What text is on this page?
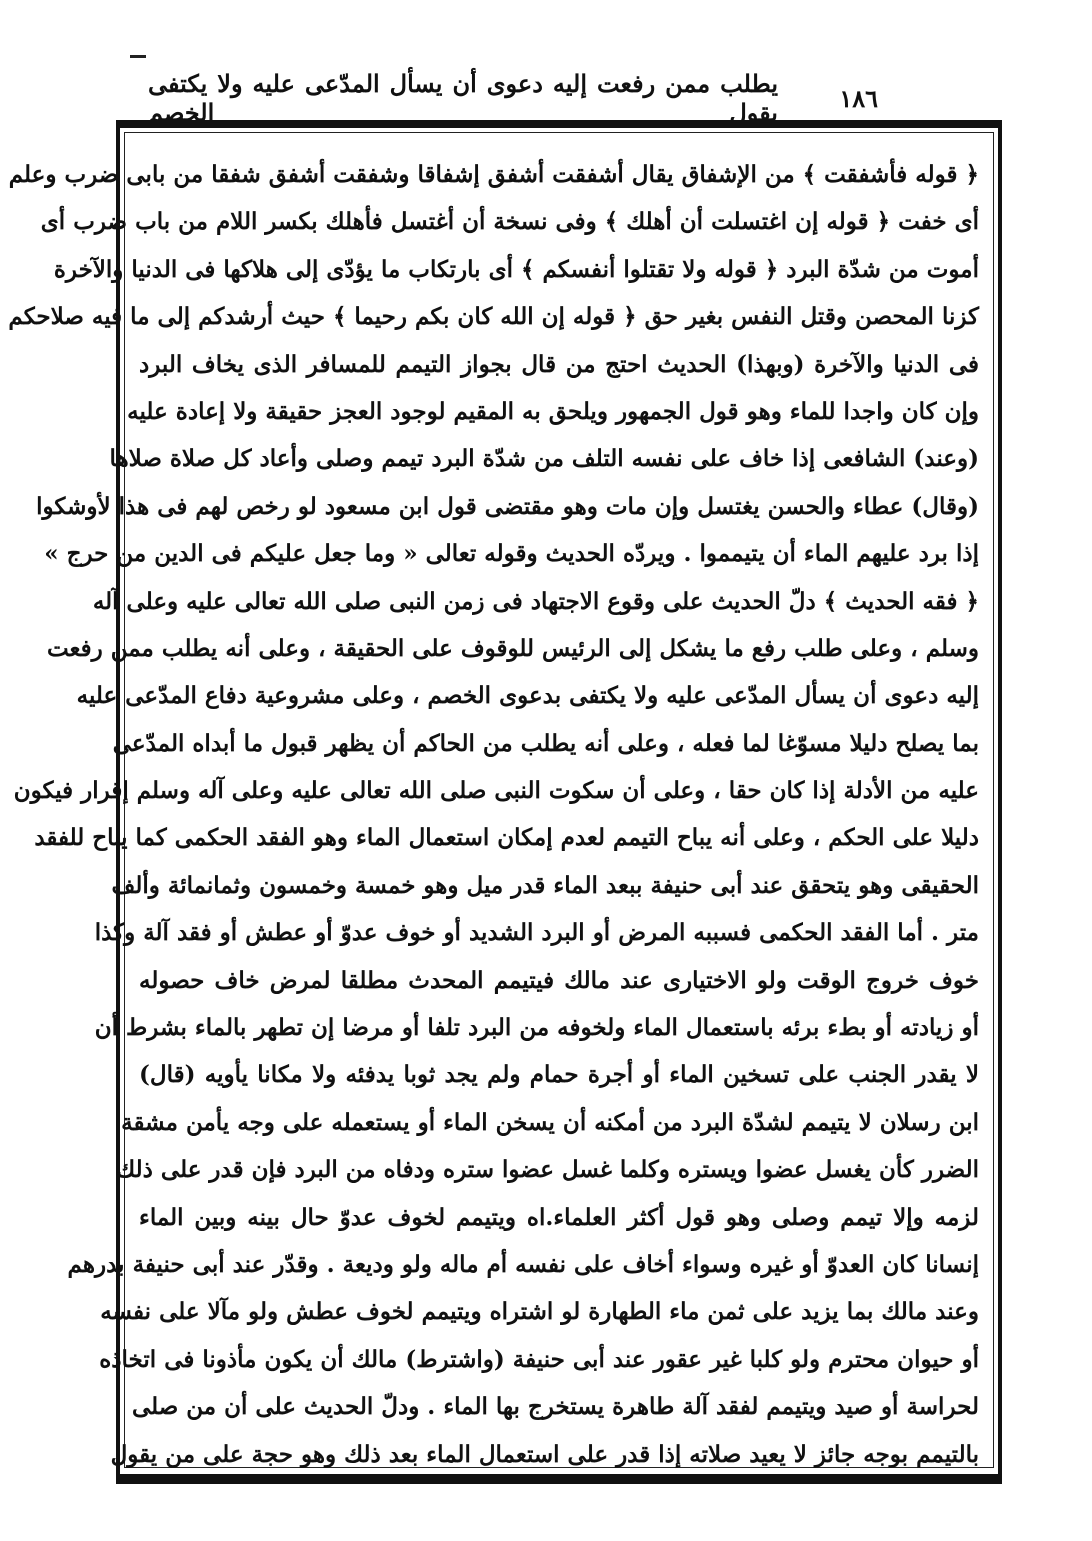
١٨٦
يطلب ممن رفعت إليه دعوى أن يسأل المدّعى عليه ولا يكتفى بقول الخصم
﴿ قوله فأشفقت ﴾ من الإشفاق يقال أشفقت أشفق إشفاقا وشفقت أشفق شفقا من بابى ضرب وعلم
أى خفت ﴿ قوله إن اغتسلت أن أهلك ﴾ وفى نسخة أن أغتسل فأهلك بكسر اللام من باب ضرب أى
أموت من شدّة البرد ﴿ قوله ولا تقتلوا أنفسكم ﴾ أى بارتكاب ما يؤدّى إلى هلاكها فى الدنيا والآخرة
كزنا المحصن وقتل النفس بغير حق ﴿ قوله إن الله كان بكم رحيما ﴾ حيث أرشدكم إلى ما فيه صلاحكم
فى الدنيا والآخرة (وبهذا) الحديث احتج من قال بجواز التيمم للمسافر الذى يخاف البرد
وإن كان واجدا للماء وهو قول الجمهور ويلحق به المقيم لوجود العجز حقيقة ولا إعادة عليه
(وعند) الشافعى إذا خاف على نفسه التلف من شدّة البرد تيمم وصلى وأعاد كل صلاة صلاها
(وقال) عطاء والحسن يغتسل وإن مات وهو مقتضى قول ابن مسعود لو رخص لهم فى هذا لأوشكوا
إذا برد عليهم الماء أن يتيمموا . ويردّه الحديث وقوله تعالى « وما جعل عليكم فى الدين من حرج »
﴿ فقه الحديث ﴾ دلّ الحديث على وقوع الاجتهاد فى زمن النبى صلى الله تعالى عليه وعلى آله
وسلم ، وعلى طلب رفع ما يشكل إلى الرئيس للوقوف على الحقيقة ، وعلى أنه يطلب ممن رفعت
إليه دعوى أن يسأل المدّعى عليه ولا يكتفى بدعوى الخصم ، وعلى مشروعية دفاع المدّعى عليه
بما يصلح دليلا مسوّغا لما فعله ، وعلى أنه يطلب من الحاكم أن يظهر قبول ما أبداه المدّعى
عليه من الأدلة إذا كان حقا ، وعلى أن سكوت النبى صلى الله تعالى عليه وعلى آله وسلم إقرار فيكون
دليلا على الحكم ، وعلى أنه يباح التيمم لعدم إمكان استعمال الماء وهو الفقد الحكمى كما يباح للفقد
الحقيقى وهو يتحقق عند أبى حنيفة ببعد الماء قدر ميل وهو خمسة وخمسون وثمانمائة وألف
متر . أما الفقد الحكمى فسببه المرض أو البرد الشديد أو خوف عدوّ أو عطش أو فقد آلة وكذا
خوف خروج الوقت ولو الاختيارى عند مالك فيتيمم المحدث مطلقا لمرض خاف حصوله
أو زيادته أو بطء برئه باستعمال الماء ولخوفه من البرد تلفا أو مرضا إن تطهر بالماء بشرط أن
لا يقدر الجنب على تسخين الماء أو أجرة حمام ولم يجد ثوبا يدفئه ولا مكانا يأويه (قال)
ابن رسلان لا يتيمم لشدّة البرد من أمكنه أن يسخن الماء أو يستعمله على وجه يأمن مشقة
الضرر كأن يغسل عضوا ويستره وكلما غسل عضوا ستره ودفاه من البرد فإن قدر على ذلك
لزمه وإلا تيمم وصلى وهو قول أكثر العلماء.اه ويتيمم لخوف عدوّ حال بينه وبين الماء
إنسانا كان العدوّ أو غيره وسواء أخاف على نفسه أم ماله ولو وديعة . وقدّر عند أبى حنيفة بدرهم
وعند مالك بما يزيد على ثمن ماء الطهارة لو اشتراه ويتيمم لخوف عطش ولو مآلا على نفسه
أو حيوان محترم ولو كلبا غير عقور عند أبى حنيفة (واشترط) مالك أن يكون مأذونا فى اتخاذه
لحراسة أو صيد ويتيمم لفقد آلة طاهرة يستخرج بها الماء . ودلّ الحديث على أن من صلى
بالتيمم بوجه جائز لا يعيد صلاته إذا قدر على استعمال الماء بعد ذلك وهو حجة على من يقول
